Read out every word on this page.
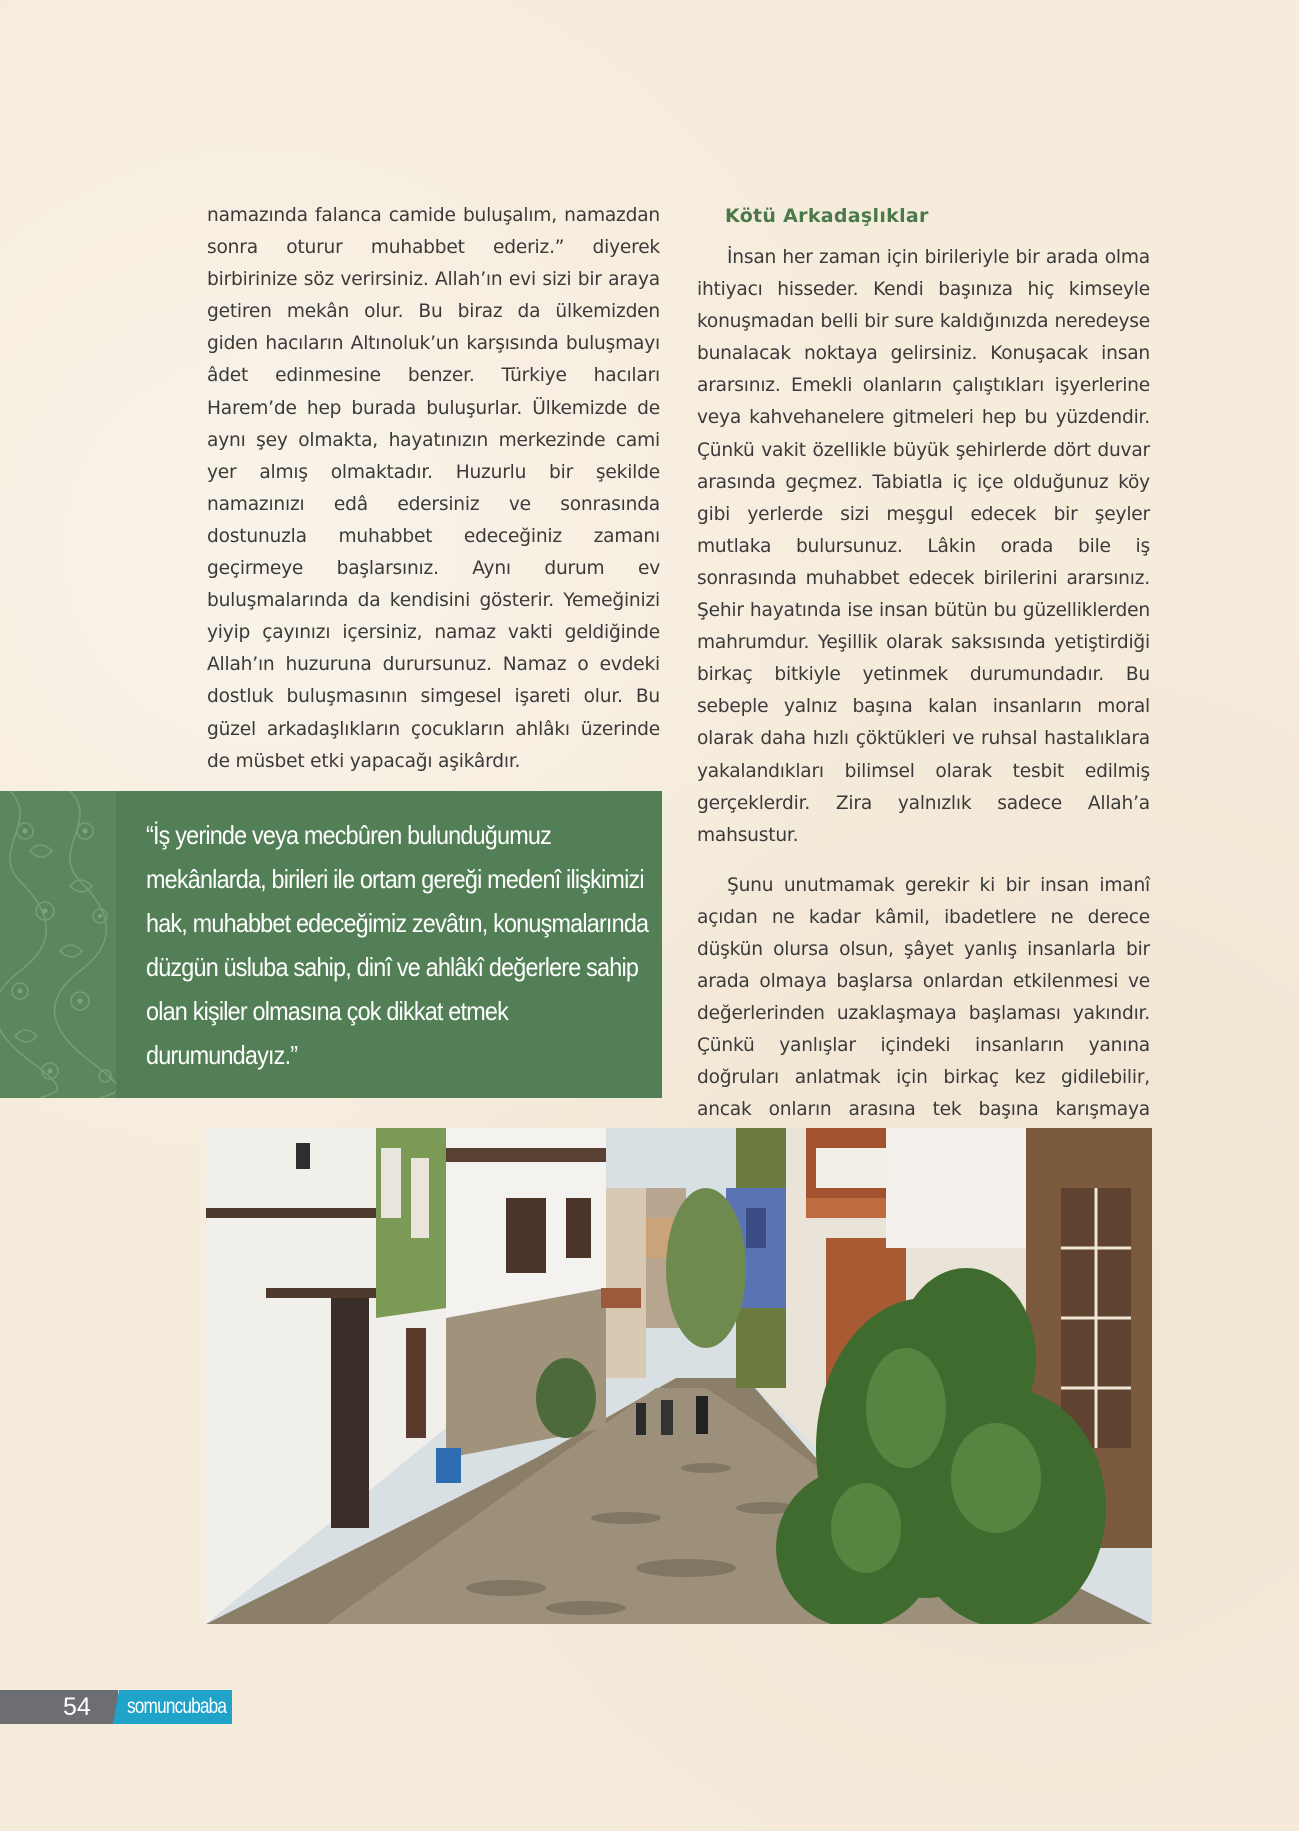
namazında falanca camide buluşalım, namazdan sonra oturur muhabbet ederiz.” diyerek birbirinize söz verirsiniz. Allah’ın evi sizi bir araya getiren mekân olur. Bu biraz da ülkemizden giden hacıların Altınoluk’un karşısında buluşmayı âdet edinmesine benzer. Türkiye hacıları Harem’de hep burada buluşurlar. Ülkemizde de aynı şey olmakta, hayatınızın merkezinde cami yer almış olmaktadır. Huzurlu bir şekilde namazınızı edâ edersiniz ve sonrasında dostunuzla muhabbet edeceğiniz zamanı geçirmeye başlarsınız. Aynı durum ev buluşmalarında da kendisini gösterir. Yemeğinizi yiyip çayınızı içersiniz, namaz vakti geldiğinde Allah’ın huzuruna durursunuz. Namaz o evdeki dostluk buluşmasının simgesel işareti olur. Bu güzel arkadaşlıkların çocukların ahlâkı üzerinde de müsbet etki yapacağı aşikârdır.

Kötü Arkadaşlıklar

İnsan her zaman için birileriyle bir arada olma ihtiyacı hisseder. Kendi başınıza hiç kimseyle konuşmadan belli bir sure kaldığınızda neredeyse bunalacak noktaya gelirsiniz. Konuşacak insan ararsınız. Emekli olanların çalıştıkları işyerlerine veya kahvehanelere gitmeleri hep bu yüzdendir. Çünkü vakit özellikle büyük şehirlerde dört duvar arasında geçmez. Tabiatla iç içe olduğunuz köy gibi yerlerde sizi meşgul edecek bir şeyler mutlaka bulursunuz. Lâkin orada bile iş sonrasında muhabbet edecek birilerini ararsınız. Şehir hayatında ise insan bütün bu güzelliklerden mahrumdur. Yeşillik olarak saksısında yetiştirdiği birkaç bitkiyle yetinmek durumundadır. Bu sebeple yalnız başına kalan insanların moral olarak daha hızlı çöktükleri ve ruhsal hastalıklara yakalandıkları bilimsel olarak tesbit edilmiş gerçeklerdir. Zira yalnızlık sadece Allah’a mahsustur.

Şunu unutmamak gerekir ki bir insan imanî açıdan ne kadar kâmil, ibadetlere ne derece düşkün olursa olsun, şâyet yanlış insanlarla bir arada olmaya başlarsa onlardan etkilenmesi ve değerlerinden uzaklaşmaya başlaması yakındır. Çünkü yanlışlar içindeki insanların yanına doğruları anlatmak için birkaç kez gidilebilir, ancak onların arasına tek başına karışmaya

“İş yerinde veya mecbûren bulunduğumuz mekânlarda, birileri ile ortam gereği medenî ilişkimizi hak, muhabbet edeceğimiz zevâtın, konuşmalarında düzgün üsluba sahip, dinî ve ahlâkî değerlere sahip olan kişiler olmasına çok dikkat etmek durumundayız.”
54 somuncubaba
